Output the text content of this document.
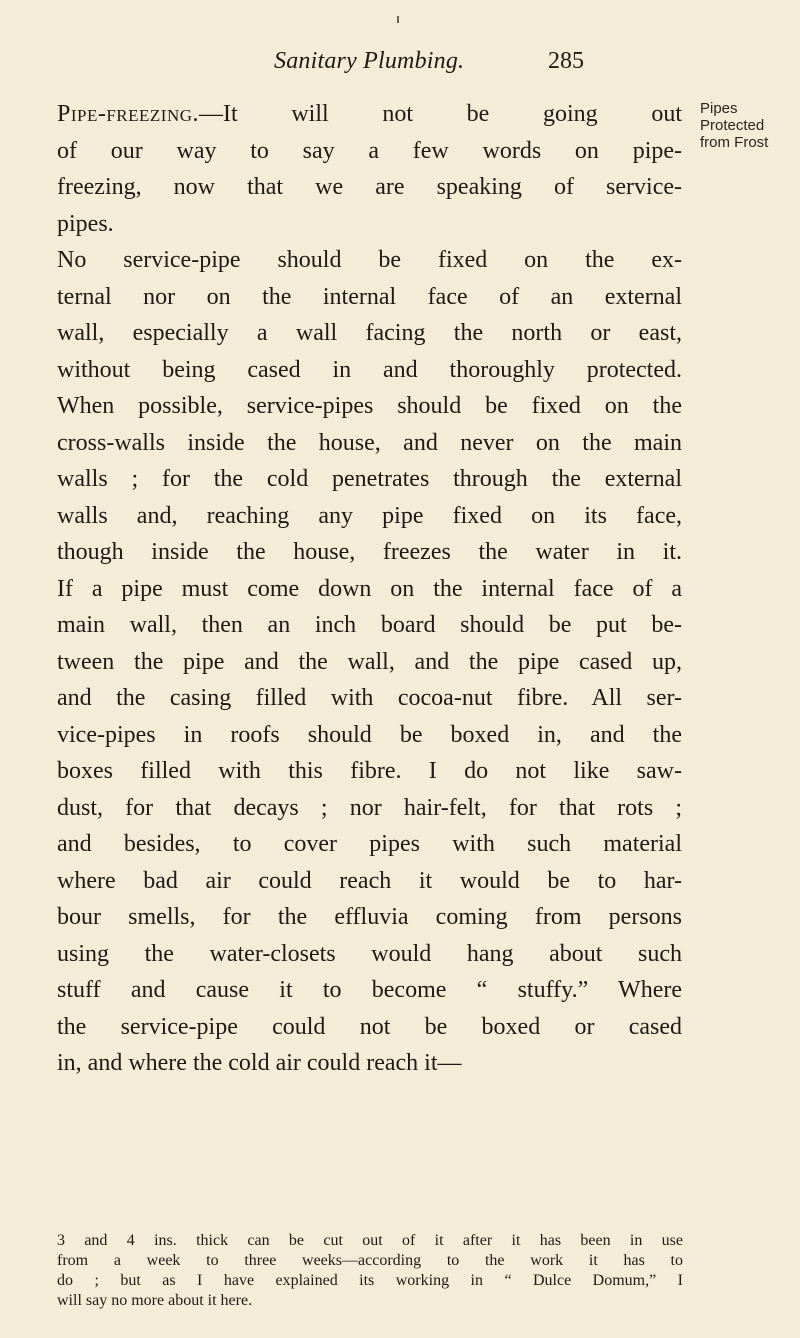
Sanitary Plumbing.	285
Pipes
Protected
from Frost
Pipe-freezing.—It will not be going out
of our way to say a few words on pipe-
freezing, now that we are speaking of service-
pipes.
No service-pipe should be fixed on the ex-
ternal nor on the internal face of an external
wall, especially a wall facing the north or east,
without being cased in and thoroughly protected.
When possible, service-pipes should be fixed on the
cross-walls inside the house, and never on the main
walls ; for the cold penetrates through the external
walls and, reaching any pipe fixed on its face,
though inside the house, freezes the water in it.
If a pipe must come down on the internal face of a
main wall, then an inch board should be put be-
tween the pipe and the wall, and the pipe cased up,
and the casing filled with cocoa-nut fibre. All ser-
vice-pipes in roofs should be boxed in, and the
boxes filled with this fibre. I do not like saw-
dust, for that decays ; nor hair-felt, for that rots ;
and besides, to cover pipes with such material
where bad air could reach it would be to har-
bour smells, for the effluvia coming from persons
using the water-closets would hang about such
stuff and cause it to become “ stuffy.” Where
the service-pipe could not be boxed or cased
in, and where the cold air could reach it—
3 and 4 ins. thick can be cut out of it after it has been in use
from a week to three weeks—according to the work it has to
do ; but as I have explained its working in “ Dulce Domum,” I
will say no more about it here.
